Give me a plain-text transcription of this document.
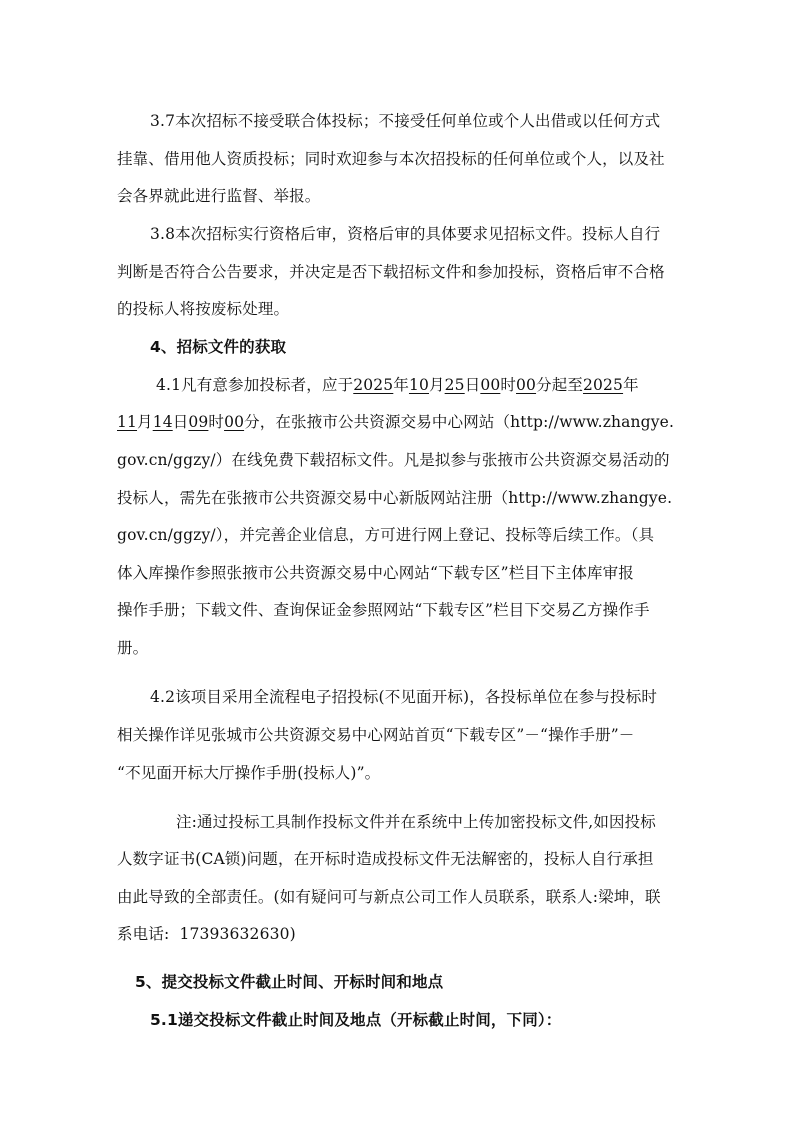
3.7本次招标不接受联合体投标；不接受任何单位或个人出借或以任何方式
挂靠、借用他人资质投标；同时欢迎参与本次招投标的任何单位或个人，以及社
会各界就此进行监督、举报。
3.8本次招标实行资格后审，资格后审的具体要求见招标文件。投标人自行
判断是否符合公告要求，并决定是否下载招标文件和参加投标，资格后审不合格
的投标人将按废标处理。
4、招标文件的获取
4.1凡有意参加投标者，应于2025年10月25日00时00分起至2025年
11月14日09时00分，在张掖市公共资源交易中心网站（http://www.zhangye.
gov.cn/ggzy/）在线免费下载招标文件。凡是拟参与张掖市公共资源交易活动的
投标人，需先在张掖市公共资源交易中心新版网站注册（http://www.zhangye.
gov.cn/ggzy/），并完善企业信息，方可进行网上登记、投标等后续工作。（具
体入库操作参照张掖市公共资源交易中心网站“下载专区”栏目下主体库审报
操作手册；下载文件、查询保证金参照网站“下载专区”栏目下交易乙方操作手
册。
4.2该项目采用全流程电子招投标(不见面开标)，各投标单位在参与投标时
相关操作详见张城市公共资源交易中心网站首页“下载专区”－“操作手册”－
“不见面开标大厅操作手册(投标人)”。
注:通过投标工具制作投标文件并在系统中上传加密投标文件,如因投标
人数字证书(CA锁)问题，在开标时造成投标文件无法解密的，投标人自行承担
由此导致的全部责任。(如有疑问可与新点公司工作人员联系，联系人:梁坤，联
系电话:  17393632630)
5、提交投标文件截止时间、开标时间和地点
5.1递交投标文件截止时间及地点（开标截止时间，下同）：
